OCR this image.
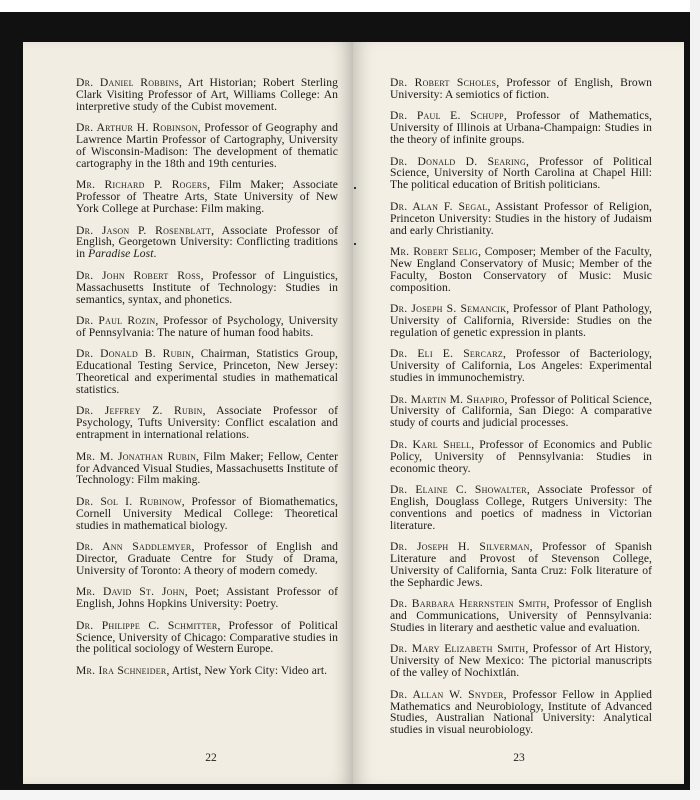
Dr. Daniel Robbins, Art Historian; Robert Sterling Clark Visiting Professor of Art, Williams College: An interpretive study of the Cubist movement.

Dr. Arthur H. Robinson, Professor of Geography and Lawrence Martin Professor of Cartography, University of Wisconsin-Madison: The development of thematic cartography in the 18th and 19th centuries.

Mr. Richard P. Rogers, Film Maker; Associate Professor of Theatre Arts, State University of New York College at Purchase: Film making.

Dr. Jason P. Rosenblatt, Associate Professor of English, Georgetown University: Conflicting traditions in Paradise Lost.

Dr. John Robert Ross, Professor of Linguistics, Massachusetts Institute of Technology: Studies in semantics, syntax, and phonetics.

Dr. Paul Rozin, Professor of Psychology, University of Pennsylvania: The nature of human food habits.

Dr. Donald B. Rubin, Chairman, Statistics Group, Educational Testing Service, Princeton, New Jersey: Theoretical and experimental studies in mathematical statistics.

Dr. Jeffrey Z. Rubin, Associate Professor of Psychology, Tufts University: Conflict escalation and entrapment in international relations.

Mr. M. Jonathan Rubin, Film Maker; Fellow, Center for Advanced Visual Studies, Massachusetts Institute of Technology: Film making.

Dr. Sol I. Rubinow, Professor of Biomathematics, Cornell University Medical College: Theoretical studies in mathematical biology.

Dr. Ann Saddlemyer, Professor of English and Director, Graduate Centre for Study of Drama, University of Toronto: A theory of modern comedy.

Mr. David St. John, Poet; Assistant Professor of English, Johns Hopkins University: Poetry.

Dr. Philippe C. Schmitter, Professor of Political Science, University of Chicago: Comparative studies in the political sociology of Western Europe.

Mr. Ira Schneider, Artist, New York City: Video art.

22

Dr. Robert Scholes, Professor of English, Brown University: A semiotics of fiction.

Dr. Paul E. Schupp, Professor of Mathematics, University of Illinois at Urbana-Champaign: Studies in the theory of infinite groups.

Dr. Donald D. Searing, Professor of Political Science, University of North Carolina at Chapel Hill: The political education of British politicians.

Dr. Alan F. Segal, Assistant Professor of Religion, Princeton University: Studies in the history of Judaism and early Christianity.

Mr. Robert Selig, Composer; Member of the Faculty, New England Conservatory of Music; Member of the Faculty, Boston Conservatory of Music: Music composition.

Dr. Joseph S. Semancik, Professor of Plant Pathology, University of California, Riverside: Studies on the regulation of genetic expression in plants.

Dr. Eli E. Sercarz, Professor of Bacteriology, University of California, Los Angeles: Experimental studies in immunochemistry.

Dr. Martin M. Shapiro, Professor of Political Science, University of California, San Diego: A comparative study of courts and judicial processes.

Dr. Karl Shell, Professor of Economics and Public Policy, University of Pennsylvania: Studies in economic theory.

Dr. Elaine C. Showalter, Associate Professor of English, Douglass College, Rutgers University: The conventions and poetics of madness in Victorian literature.

Dr. Joseph H. Silverman, Professor of Spanish Literature and Provost of Stevenson College, University of California, Santa Cruz: Folk literature of the Sephardic Jews.

Dr. Barbara Herrnstein Smith, Professor of English and Communications, University of Pennsylvania: Studies in literary and aesthetic value and evaluation.

Dr. Mary Elizabeth Smith, Professor of Art History, University of New Mexico: The pictorial manuscripts of the valley of Nochixtlán.

Dr. Allan W. Snyder, Professor Fellow in Applied Mathematics and Neurobiology, Institute of Advanced Studies, Australian National University: Analytical studies in visual neurobiology.

23
